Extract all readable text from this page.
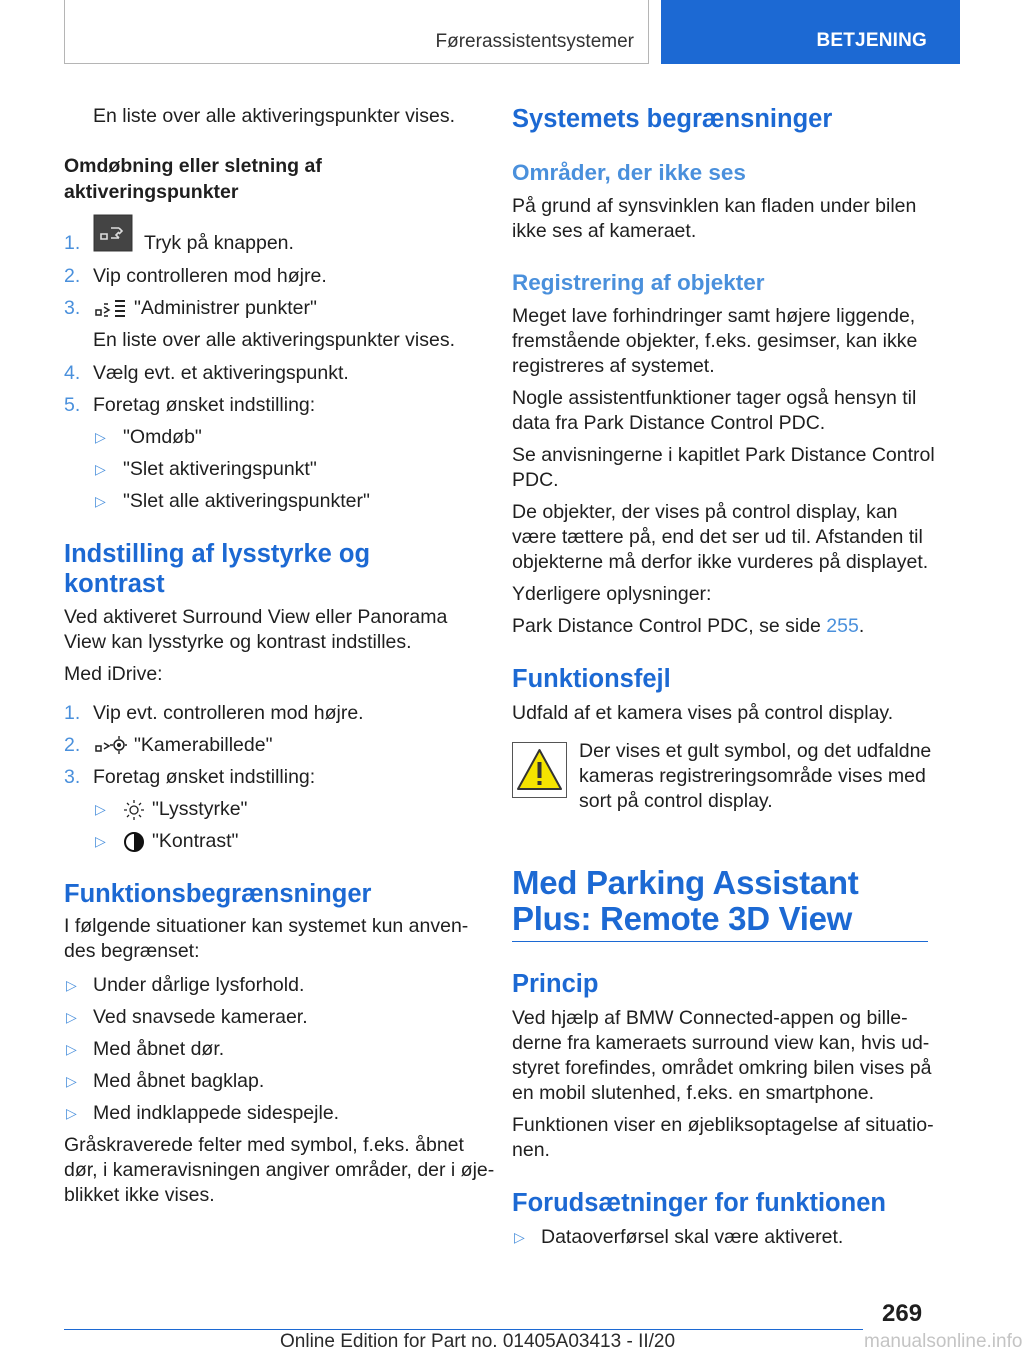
Førerassistentsystemer	BETJENING
En liste over alle aktiveringspunkter vises.
Omdøbning eller sletning af
aktiveringspunkter
1.	Tryk på knappen.
2. Vip controlleren mod højre.
3.	"Administrer punkter"
En liste over alle aktiveringspunkter vises.
4. Vælg evt. et aktiveringspunkt.
5. Foretag ønsket indstilling:
▷ "Omdøb"
▷ "Slet aktiveringspunkt"
▷ "Slet alle aktiveringspunkter"
Indstilling af lysstyrke og
kontrast
Ved aktiveret Surround View eller Panorama
View kan lysstyrke og kontrast indstilles.
Med iDrive:
1. Vip evt. controlleren mod højre.
2.	"Kamerabillede"
3. Foretag ønsket indstilling:
▷ "Lysstyrke"
▷ "Kontrast"
Funktionsbegrænsninger
I følgende situationer kan systemet kun anven-
des begrænset:
▷ Under dårlige lysforhold.
▷ Ved snavsede kameraer.
▷ Med åbnet dør.
▷ Med åbnet bagklap.
▷ Med indklappede sidespejle.
Gråskraverede felter med symbol, f.eks. åbnet
dør, i kameravisningen angiver områder, der i øje-
blikket ikke vises.
Systemets begrænsninger
Områder, der ikke ses
På grund af synsvinklen kan fladen under bilen
ikke ses af kameraet.
Registrering af objekter
Meget lave forhindringer samt højere liggende,
fremstående objekter, f.eks. gesimser, kan ikke
registreres af systemet.
Nogle assistentfunktioner tager også hensyn til
data fra Park Distance Control PDC.
Se anvisningerne i kapitlet Park Distance Control
PDC.
De objekter, der vises på control display, kan
være tættere på, end det ser ud til. Afstanden til
objekterne må derfor ikke vurderes på displayet.
Yderligere oplysninger:
Park Distance Control PDC, se side 255.
Funktionsfejl
Udfald af et kamera vises på control display.
Der vises et gult symbol, og det udfaldne
kameras registreringsområde vises med
sort på control display.
Med Parking Assistant
Plus: Remote 3D View
Princip
Ved hjælp af BMW Connected-appen og bille-
derne fra kameraets surround view kan, hvis ud-
styret forefindes, området omkring bilen vises på
en mobil slutenhed, f.eks. en smartphone.
Funktionen viser en øjebliksoptagelse af situatio-
nen.
Forudsætninger for funktionen
▷ Dataoverførsel skal være aktiveret.
269
Online Edition for Part no. 01405A03413 - II/20	manualsonline.info
